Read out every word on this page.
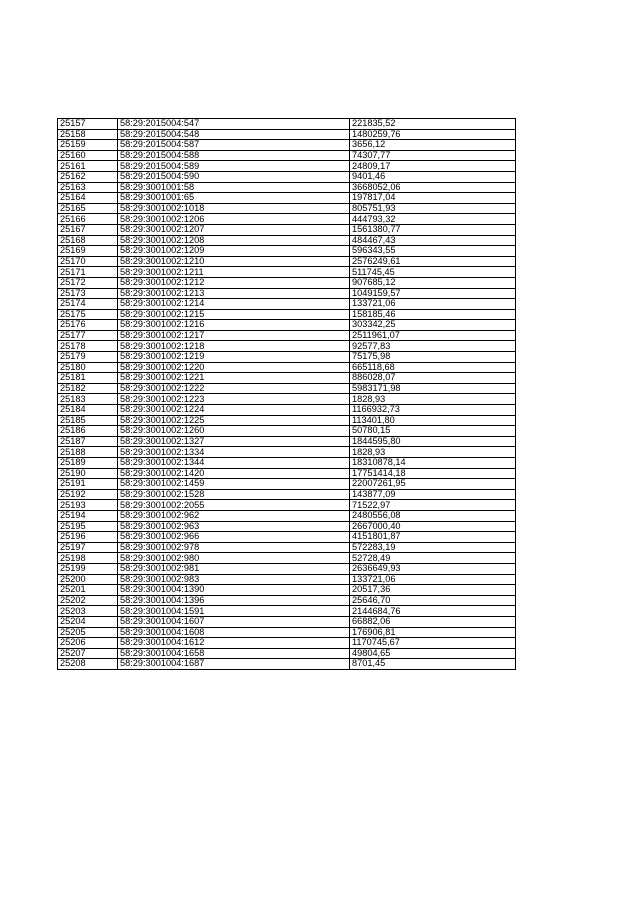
25157	58:29:2015004:547	221835,52
25158	58:29:2015004:548	1480259,76
25159	58:29:2015004:587	3656,12
25160	58:29:2015004:588	74307,77
25161	58:29:2015004:589	24809,17
25162	58:29:2015004:590	9401,46
25163	58:29:3001001:58	3668052,06
25164	58:29:3001001:65	197817,04
25165	58:29:3001002:1018	805751,93
25166	58:29:3001002:1206	444793,32
25167	58:29:3001002:1207	1561380,77
25168	58:29:3001002:1208	484467,43
25169	58:29:3001002:1209	596343,55
25170	58:29:3001002:1210	2576249,61
25171	58:29:3001002:1211	511745,45
25172	58:29:3001002:1212	907685,12
25173	58:29:3001002:1213	1049159,57
25174	58:29:3001002:1214	133721,06
25175	58:29:3001002:1215	158185,46
25176	58:29:3001002:1216	303342,25
25177	58:29:3001002:1217	2511961,07
25178	58:29:3001002:1218	92577,83
25179	58:29:3001002:1219	75175,98
25180	58:29:3001002:1220	665118,68
25181	58:29:3001002:1221	886028,07
25182	58:29:3001002:1222	5983171,98
25183	58:29:3001002:1223	1828,93
25184	58:29:3001002:1224	1166932,73
25185	58:29:3001002:1225	113401,80
25186	58:29:3001002:1260	50780,15
25187	58:29:3001002:1327	1844595,80
25188	58:29:3001002:1334	1828,93
25189	58:29:3001002:1344	18310878,14
25190	58:29:3001002:1420	17751414,18
25191	58:29:3001002:1459	22007261,95
25192	58:29:3001002:1528	143877,09
25193	58:29:3001002:2055	71522,97
25194	58:29:3001002:962	2480556,08
25195	58:29:3001002:963	2667000,40
25196	58:29:3001002:966	4151801,87
25197	58:29:3001002:978	572283,19
25198	58:29:3001002:980	52728,49
25199	58:29:3001002:981	2636649,93
25200	58:29:3001002:983	133721,06
25201	58:29:3001004:1390	20517,36
25202	58:29:3001004:1396	25646,70
25203	58:29:3001004:1591	2144684,76
25204	58:29:3001004:1607	66882,06
25205	58:29:3001004:1608	176906,81
25206	58:29:3001004:1612	1170745,67
25207	58:29:3001004:1658	49804,65
25208	58:29:3001004:1687	8701,45
